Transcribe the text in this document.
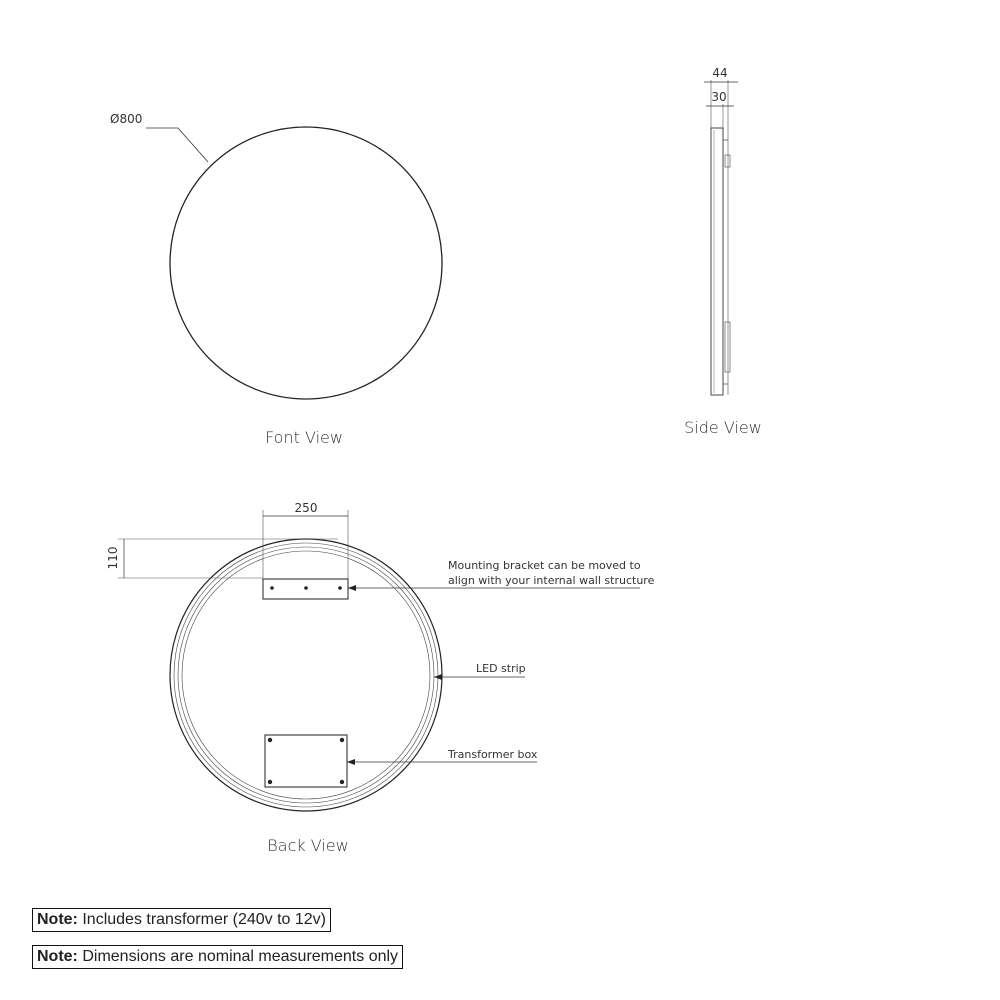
Ø800
Font View
44
30
Side View
250
110	Mounting bracket can be moved to
align with your internal wall structure
LED strip
Transformer box
Back View
Note: Includes transformer (240v to 12v)
Note: Dimensions are nominal measurements only
